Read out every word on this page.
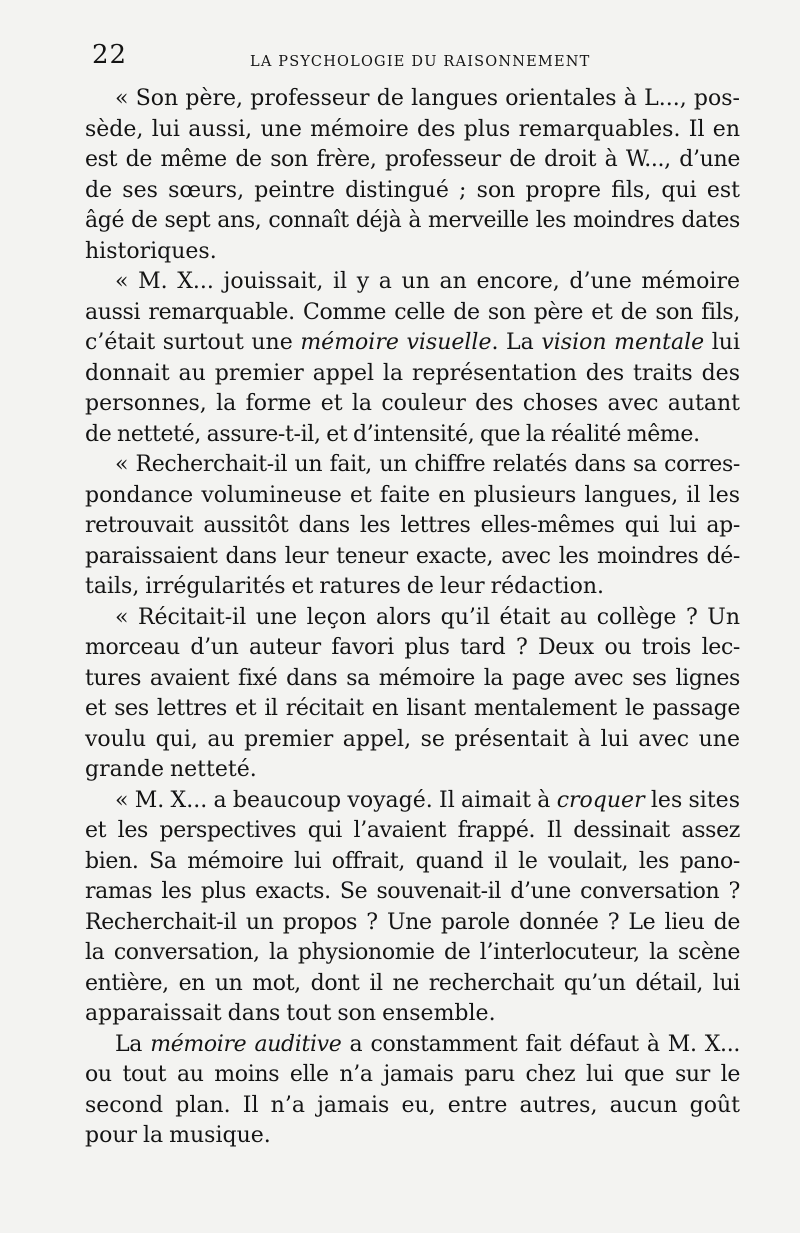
22	LA PSYCHOLOGIE DU RAISONNEMENT

« Son père, professeur de langues orientales à L..., pos-
sède, lui aussi, une mémoire des plus remarquables. Il en
est de même de son frère, professeur de droit à W..., d’une
de ses sœurs, peintre distingué ; son propre fils, qui est
âgé de sept ans, connaît déjà à merveille les moindres dates
historiques.

« M. X... jouissait, il y a un an encore, d’une mémoire
aussi remarquable. Comme celle de son père et de son fils,
c’était surtout une mémoire visuelle. La vision mentale lui
donnait au premier appel la représentation des traits des
personnes, la forme et la couleur des choses avec autant
de netteté, assure-t-il, et d’intensité, que la réalité même.

« Recherchait-il un fait, un chiffre relatés dans sa corres-
pondance volumineuse et faite en plusieurs langues, il les
retrouvait aussitôt dans les lettres elles-mêmes qui lui ap-
paraissaient dans leur teneur exacte, avec les moindres dé-
tails, irrégularités et ratures de leur rédaction.

« Récitait-il une leçon alors qu’il était au collège ? Un
morceau d’un auteur favori plus tard ? Deux ou trois lec-
tures avaient fixé dans sa mémoire la page avec ses lignes
et ses lettres et il récitait en lisant mentalement le passage
voulu qui, au premier appel, se présentait à lui avec une
grande netteté.

« M. X... a beaucoup voyagé. Il aimait à croquer les sites
et les perspectives qui l’avaient frappé. Il dessinait assez
bien. Sa mémoire lui offrait, quand il le voulait, les pano-
ramas les plus exacts. Se souvenait-il d’une conversation ?
Recherchait-il un propos ? Une parole donnée ? Le lieu de
la conversation, la physionomie de l’interlocuteur, la scène
entière, en un mot, dont il ne recherchait qu’un détail, lui
apparaissait dans tout son ensemble.

La mémoire auditive a constamment fait défaut à M. X...
ou tout au moins elle n’a jamais paru chez lui que sur le
second plan. Il n’a jamais eu, entre autres, aucun goût
pour la musique.
